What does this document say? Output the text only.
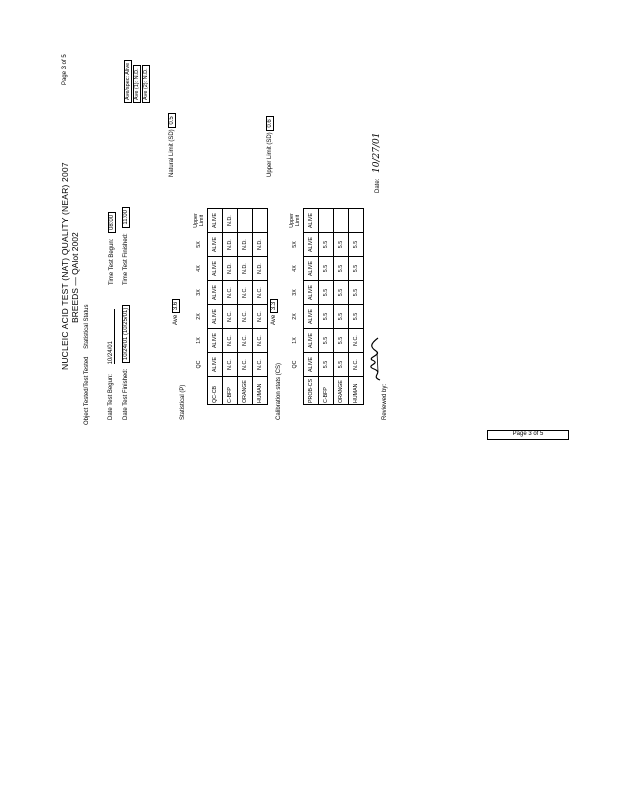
NUCLEIC ACID TEST (NAT) QUALITY (NEAR) 2007 BREEDS — QAlot 2002
Page 3 of 5
Object Tested/Test Tested Statistical Status
Date Test Begun: 10/24/01
Date Test Finished: 10/24/01 (10/25/01)
Time Test Begun: 08:00
Time Test Finished: 11:00
Ave/spec: Alive Ave (1): N.D. Ave (2): N.D.
Statistical (P)
Ave 3.6
Natural Limit (SD) 0.5
	QC	1X	2X	3X	4X	5X	Upper Limit
QC-CB	ALIVE	ALIVE	ALIVE	ALIVE	ALIVE	ALIVE	ALIVE
C-BFP	N.C.	N.C.	N.C.	N.C.	N.D.	N.D.	N.D.
ORANGE	N.C.	N.C.	N.C.	N.C.	N.D.	N.D.	
HUMAN	N.C.	N.C.	N.C.	N.C.	N.D.	N.D.	
Calibration stats (CS)
Ave 3.3
Upper Limit (SD) 0.6
	QC	1X	2X	3X	4X	5X	Upper Limit
PROB-CS	ALIVE	ALIVE	ALIVE	ALIVE	ALIVE	ALIVE	ALIVE
C-BFP	5.5	5.5	5.5	5.5	5.5	5.5	
ORANGE	5.5	5.5	5.5	5.5	5.5	5.5	
HUMAN	N.C.	N.C.	5.5	5.5	5.5	5.5	
Reviewed by:
Date: 10/27/01
Page 3 of 5
